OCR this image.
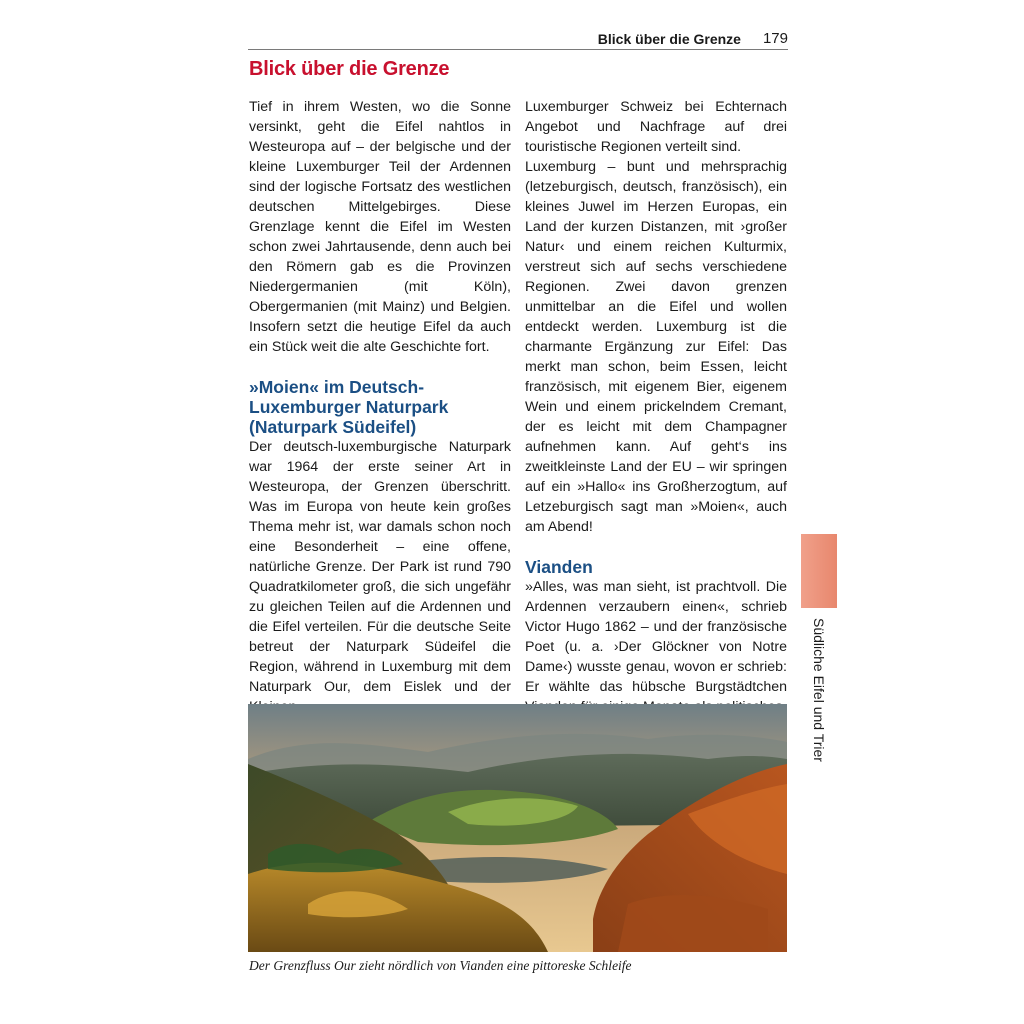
Blick über die Grenze 179
Blick über die Grenze

Tief in ihrem Westen, wo die Sonne versinkt, geht die Eifel nahtlos in Westeuropa auf – der belgische und der kleine Luxemburger Teil der Ardennen sind der logische Fortsatz des westlichen deutschen Mittelgebirges. Diese Grenzlage kennt die Eifel im Westen schon zwei Jahrtausende, denn auch bei den Römern gab es die Provinzen Niedergermanien (mit Köln), Obergermanien (mit Mainz) und Belgien. Insofern setzt die heutige Eifel da auch ein Stück weit die alte Geschichte fort.

»Moien« im Deutsch-Luxemburger Naturpark (Naturpark Südeifel)

Der deutsch-luxemburgische Naturpark war 1964 der erste seiner Art in Westeuropa, der Grenzen überschritt. Was im Europa von heute kein großes Thema mehr ist, war damals schon noch eine Besonderheit – eine offene, natürliche Grenze. Der Park ist rund 790 Quadratkilometer groß, die sich ungefähr zu gleichen Teilen auf die Ardennen und die Eifel verteilen. Für die deutsche Seite betreut der Naturpark Südeifel die Region, während in Luxemburg mit dem Naturpark Our, dem Eislek und der

Luxemburger Schweiz bei Echternach Angebot und Nachfrage auf drei touristische Regionen verteilt sind.

Luxemburg – bunt und mehrsprachig (letzeburgisch, deutsch, französisch), ein kleines Juwel im Herzen Europas, ein Land der kurzen Distanzen, mit ›großer Natur‹ und einem reichen Kulturmix, verstreut sich auf sechs verschiedene Regionen. Zwei davon grenzen unmittelbar an die Eifel und wollen entdeckt werden. Luxemburg ist die charmante Ergänzung zur Eifel: Das merkt man schon, beim Essen, leicht französisch, mit eigenem Bier, eigenem Wein und einem prickelndem Cremant, der es leicht mit dem Champagner aufnehmen kann. Auf geht‘s ins zweitkleinste Land der EU – wir springen auf ein »Hallo« ins Großherzogtum, auf Letzeburgisch sagt man »Moien«, auch am Abend!

Vianden

»Alles, was man sieht, ist prachtvoll. Die Ardennen verzaubern einen«, schrieb Victor Hugo 1862 – und der französische Poet (u. a. ›Der Glöckner von Notre Dame‹) wusste genau, wovon er schrieb: Er wählte das hübsche Burgstädtchen Südliche Eifel und Trier

Der Grenzfluss Our zieht nördlich von Vianden eine pittoreske Schleife
